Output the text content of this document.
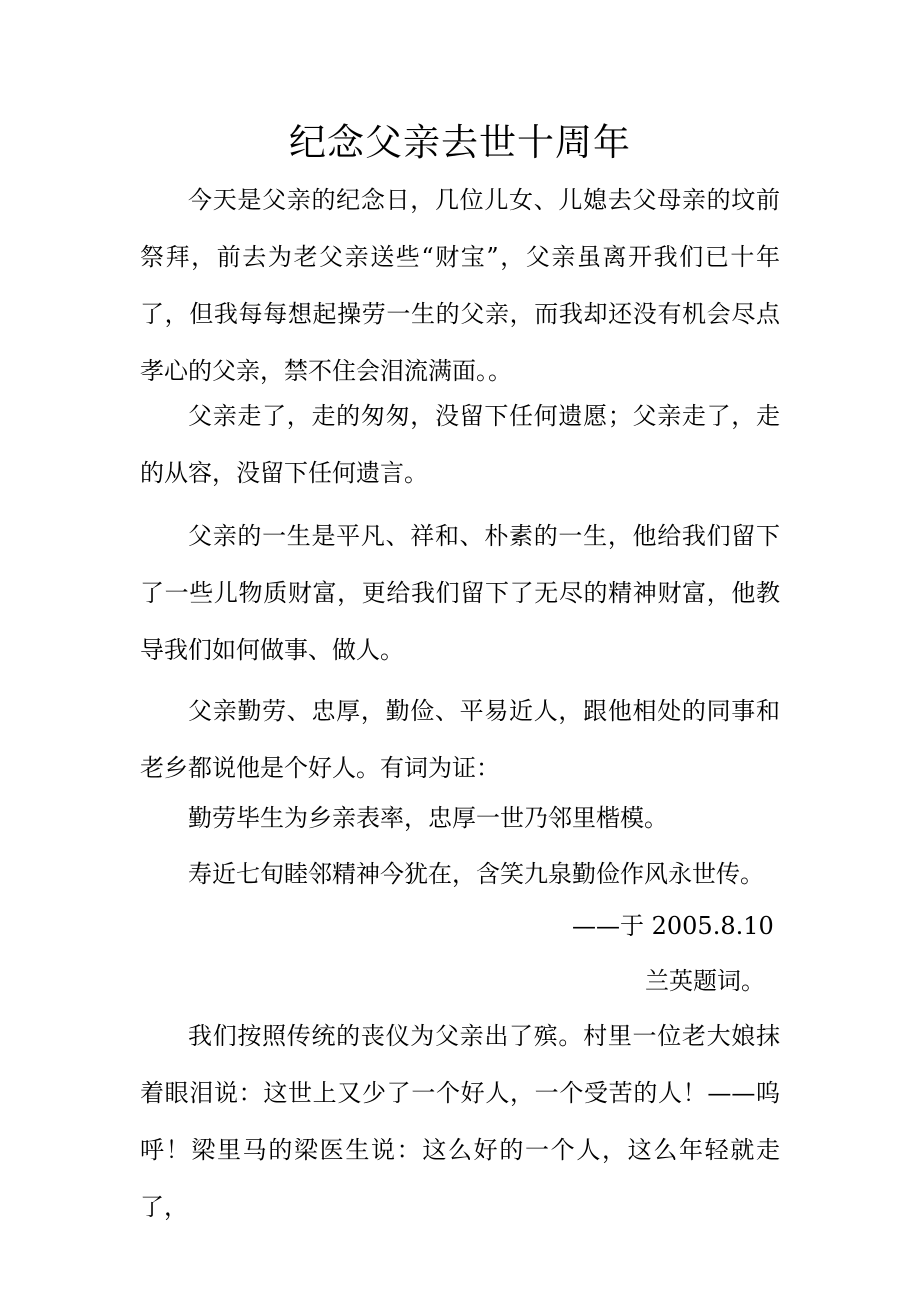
纪念父亲去世十周年

今天是父亲的纪念日，几位儿女、儿媳去父母亲的坟前祭拜，前去为老父亲送些“财宝”，父亲虽离开我们已十年了，但我每每想起操劳一生的父亲，而我却还没有机会尽点孝心的父亲，禁不住会泪流满面。。

父亲走了，走的匆匆，没留下任何遗愿；父亲走了，走的从容，没留下任何遗言。

父亲的一生是平凡、祥和、朴素的一生，他给我们留下了一些儿物质财富，更给我们留下了无尽的精神财富，他教导我们如何做事、做人。

父亲勤劳、忠厚，勤俭、平易近人，跟他相处的同事和老乡都说他是个好人。有词为证：

勤劳毕生为乡亲表率，忠厚一世乃邻里楷模。
寿近七旬睦邻精神今犹在，含笑九泉勤俭作风永世传。
——于 2005.8.10
兰英题词。

我们按照传统的丧仪为父亲出了殡。村里一位老大娘抹着眼泪说：这世上又少了一个好人，一个受苦的人！——呜呼！梁里马的梁医生说：这么好的一个人，这么年轻就走了，
